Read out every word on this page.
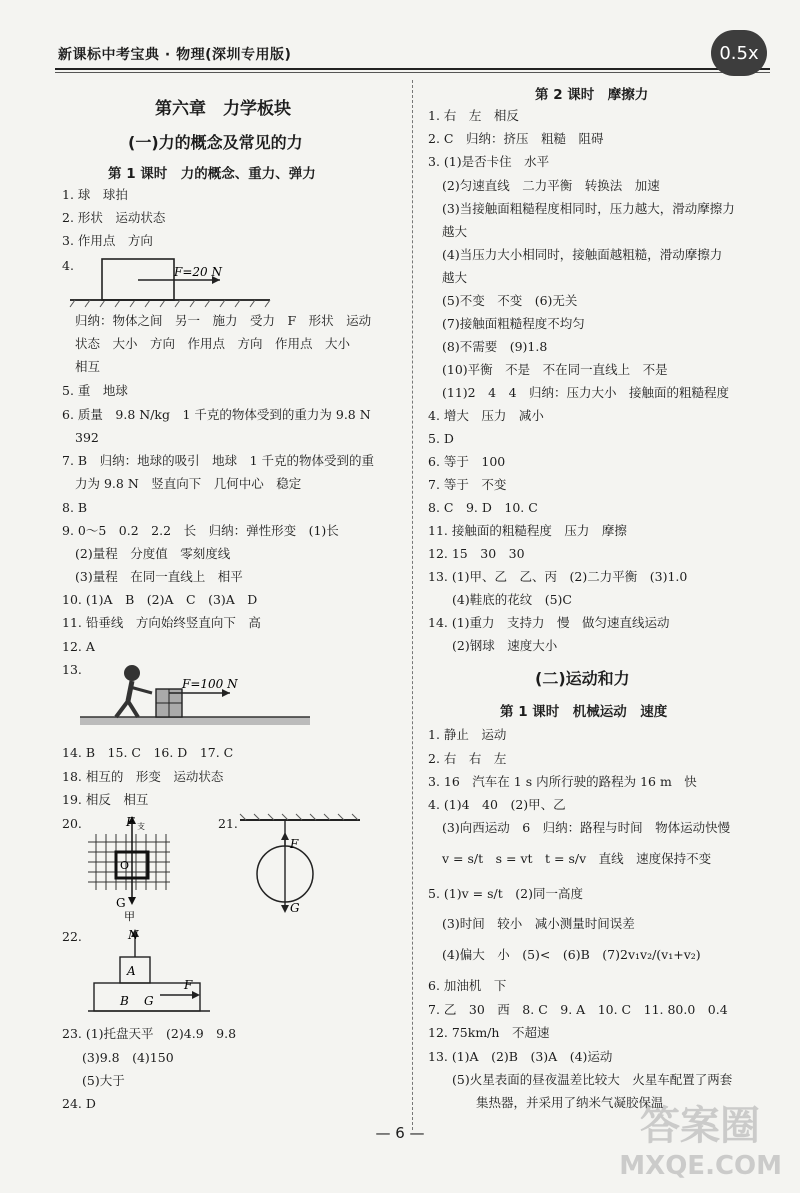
新课标中考宝典 · 物理(深圳专用版)	0.5x
第六章　力学板块
(一)力的概念及常见的力
第 1 课时　力的概念、重力、弹力
1. 球　球拍
2. 形状　运动状态
3. 作用点　方向
4.	F=20 N
归纳：物体之间　另一　施力　受力　F　形状　运动
状态　大小　方向　作用点　方向　作用点　大小
相互
5. 重　地球
6. 质量　9.8 N/kg　1 千克的物体受到的重力为 9.8 N
392
7. B　归纳：地球的吸引　地球　1 千克的物体受到的重
力为 9.8 N　竖直向下　几何中心　稳定
8. B
9. 0～5　0.2　2.2　长　归纳：弹性形变　(1)长
(2)量程　分度值　零刻度线
(3)量程　在同一直线上　相平
10. (1)A　B　(2)A　C　(3)A　D
11. 铅垂线　方向始终竖直向下　高
12. A
13.
F=100 N
14. B　15. C　16. D　17. C
18. 相互的　形变　运动状态
19. 相反　相互
20.	21.
F 支
O
G
甲
F
G
22.	N
A
B G
F
23. (1)托盘天平　(2)4.9　9.8
(3)9.8　(4)150
(5)大于
24. D
第 2 课时　摩擦力
1. 右　左　相反
2. C　归纳：挤压　粗糙　阻碍
3. (1)是否卡住　水平
(2)匀速直线　二力平衡　转换法　加速
(3)当接触面粗糙程度相同时，压力越大，滑动摩擦力
越大
(4)当压力大小相同时，接触面越粗糙，滑动摩擦力
越大
(5)不变　不变　(6)无关
(7)接触面粗糙程度不均匀
(8)不需要　(9)1.8
(10)平衡　不是　不在同一直线上　不是
(11)2　4　4　归纳：压力大小　接触面的粗糙程度
4. 增大　压力　减小
5. D
6. 等于　100
7. 等于　不变
8. C　9. D　10. C
11. 接触面的粗糙程度　压力　摩擦
12. 15　30　30
13. (1)甲、乙　乙、丙　(2)二力平衡　(3)1.0
(4)鞋底的花纹　(5)C
14. (1)重力　支持力　慢　做匀速直线运动
(2)钢球　速度大小
(二)运动和力
第 1 课时　机械运动　速度
1. 静止　运动
2. 右　右　左
3. 16　汽车在 1 s 内所行驶的路程为 16 m　快
4. (1)4　40　(2)甲、乙
(3)向西运动　6　归纳：路程与时间　物体运动快慢
v = s/t　s = vt　t = s/v　直线　速度保持不变
5. (1)v = s/t　(2)同一高度
(3)时间　较小　减小测量时间误差
(4)偏大　小　(5)<　(6)B　(7)2v₁v₂/(v₁+v₂)
6. 加油机　下
7. 乙　30　西　8. C　9. A　10. C　11. 80.0　0.4
12. 75km/h　不超速
13. (1)A　(2)B　(3)A　(4)运动
(5)火星表面的昼夜温差比较大　火星车配置了两套
集热器，并采用了纳米气凝胶保温
— 6 —	答案圈
MXQE.COM
